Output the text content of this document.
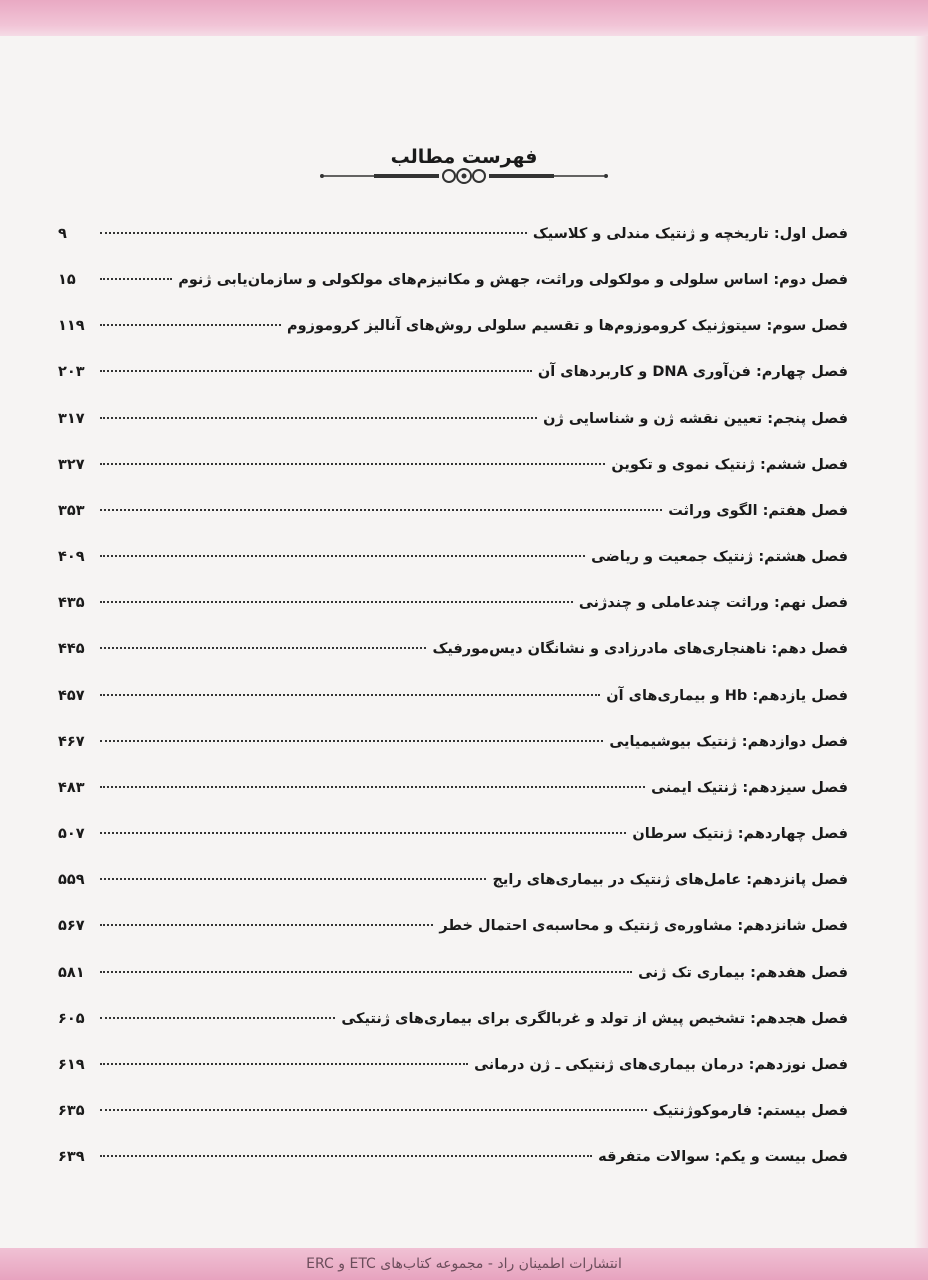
فهرست مطالب
فصل اول: تاریخچه و ژنتیک مندلی و کلاسیک
۹
فصل دوم: اساس سلولی و مولکولی وراثت، جهش و مکانیزم‌های مولکولی و سازمان‌یابی ژنوم
۱۵
فصل سوم: سیتوژنیک کروموزوم‌ها و تقسیم سلولی روش‌های آنالیز کروموزوم
۱۱۹
فصل چهارم: فن‌آوری DNA و کاربردهای آن
۲۰۳
فصل پنجم: تعیین نقشه ژن و شناسایی ژن
۳۱۷
فصل ششم: ژنتیک نموی و تکوین
۳۲۷
فصل هفتم: الگوی وراثت
۳۵۳
فصل هشتم: ژنتیک جمعیت و ریاضی
۴۰۹
فصل نهم: وراثت چندعاملی و چندژنی
۴۳۵
فصل دهم: ناهنجاری‌های مادرزادی و نشانگان دیس‌مورفیک
۴۴۵
فصل یازدهم: Hb و بیماری‌های آن
۴۵۷
فصل دوازدهم: ژنتیک بیوشیمیایی
۴۶۷
فصل سیزدهم: ژنتیک ایمنی
۴۸۳
فصل چهاردهم: ژنتیک سرطان
۵۰۷
فصل پانزدهم: عامل‌های ژنتیک در بیماری‌های رایج
۵۵۹
فصل شانزدهم: مشاوره‌ی ژنتیک و محاسبه‌ی احتمال خطر
۵۶۷
فصل هفدهم: بیماری تک ژنی
۵۸۱
فصل هجدهم: تشخیص پیش از تولد و غربالگری برای بیماری‌های ژنتیکی
۶۰۵
فصل نوزدهم: درمان بیماری‌های ژنتیکی ـ ژن درمانی
۶۱۹
فصل بیستم: فارموکوژنتیک
۶۳۵
فصل بیست و یکم: سوالات متفرقه
۶۳۹
انتشارات اطمینان راد - مجموعه کتاب‌های ETC و ERC
